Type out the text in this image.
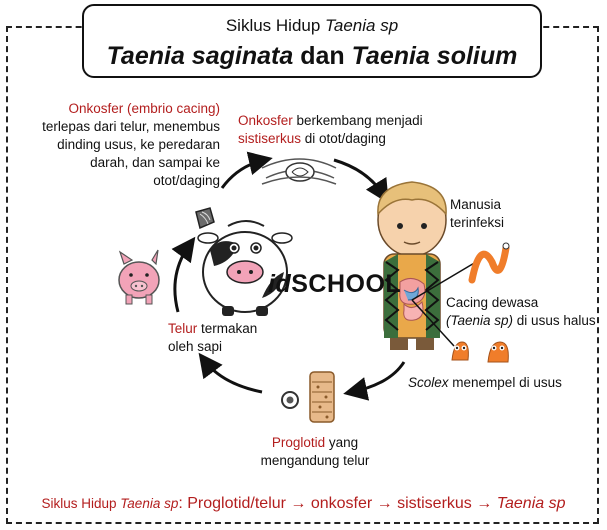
idSCHOOL
Siklus Hidup Taenia sp
Taenia saginata dan Taenia solium
Onkosfer (embrio cacing)
terlepas dari telur, menembus
dinding usus, ke peredaran
darah, dan sampai ke
otot/daging
Onkosfer berkembang menjadi
sistiserkus di otot/daging
Manusia
terinfeksi
Cacing dewasa
(Taenia sp) di usus halus
Scolex menempel di usus
Proglotid yang
mengandung telur
Telur termakan
oleh sapi
Siklus Hidup Taenia sp: Proglotid/telur → onkosfer → sistiserkus → Taenia sp
